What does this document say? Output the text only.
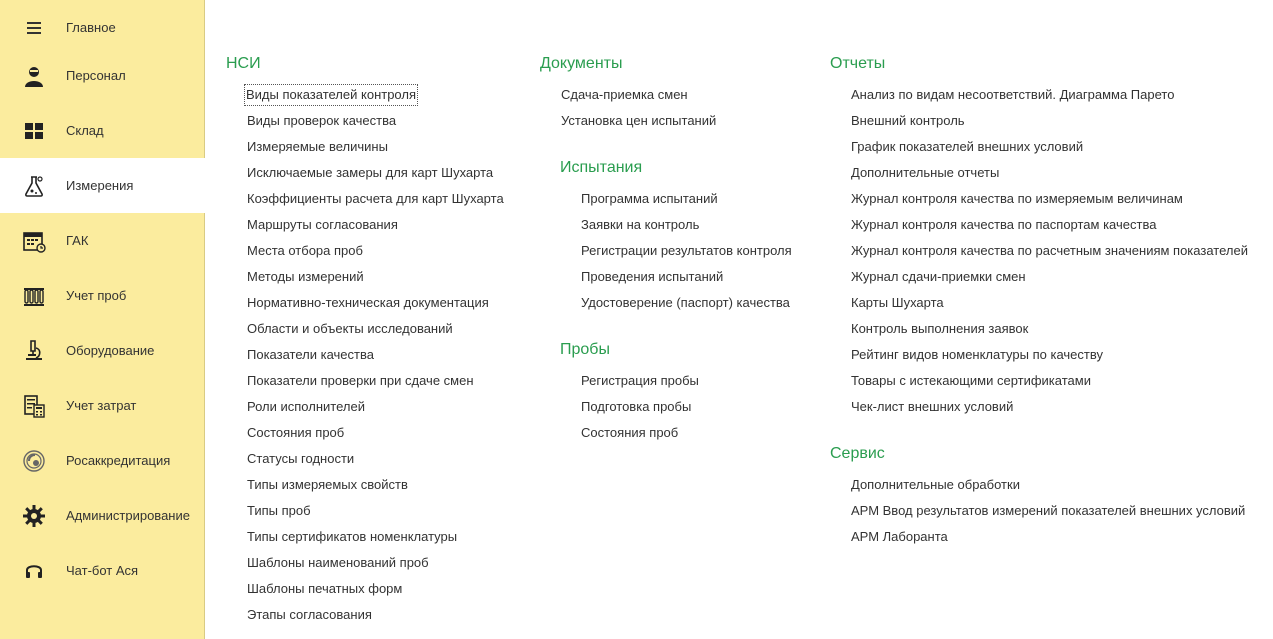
Главное
Персонал
Склад
Измерения
ГАК
Учет проб
Оборудование
Учет затрат
Росаккредитация
Администрирование
Чат-бот Ася
НСИ
Виды показателей контроля
Виды проверок качества
Измеряемые величины
Исключаемые замеры для карт Шухарта
Коэффициенты расчета для карт Шухарта
Маршруты согласования
Места отбора проб
Методы измерений
Нормативно-техническая документация
Области и объекты исследований
Показатели качества
Показатели проверки при сдаче смен
Роли исполнителей
Состояния проб
Статусы годности
Типы измеряемых свойств
Типы проб
Типы сертификатов номенклатуры
Шаблоны наименований проб
Шаблоны печатных форм
Этапы согласования
Документы
Сдача-приемка смен
Установка цен испытаний
Испытания
Программа испытаний
Заявки на контроль
Регистрации результатов контроля
Проведения испытаний
Удостоверение (паспорт) качества
Пробы
Регистрация пробы
Подготовка пробы
Состояния проб
Отчеты
Анализ по видам несоответствий. Диаграмма Парето
Внешний контроль
График показателей внешних условий
Дополнительные отчеты
Журнал контроля качества по измеряемым величинам
Журнал контроля качества по паспортам качества
Журнал контроля качества по расчетным значениям показателей
Журнал сдачи-приемки смен
Карты Шухарта
Контроль выполнения заявок
Рейтинг видов номенклатуры по качеству
Товары с истекающими сертификатами
Чек-лист внешних условий
Сервис
Дополнительные обработки
АРМ Ввод результатов измерений показателей внешних условий
АРМ Лаборанта
